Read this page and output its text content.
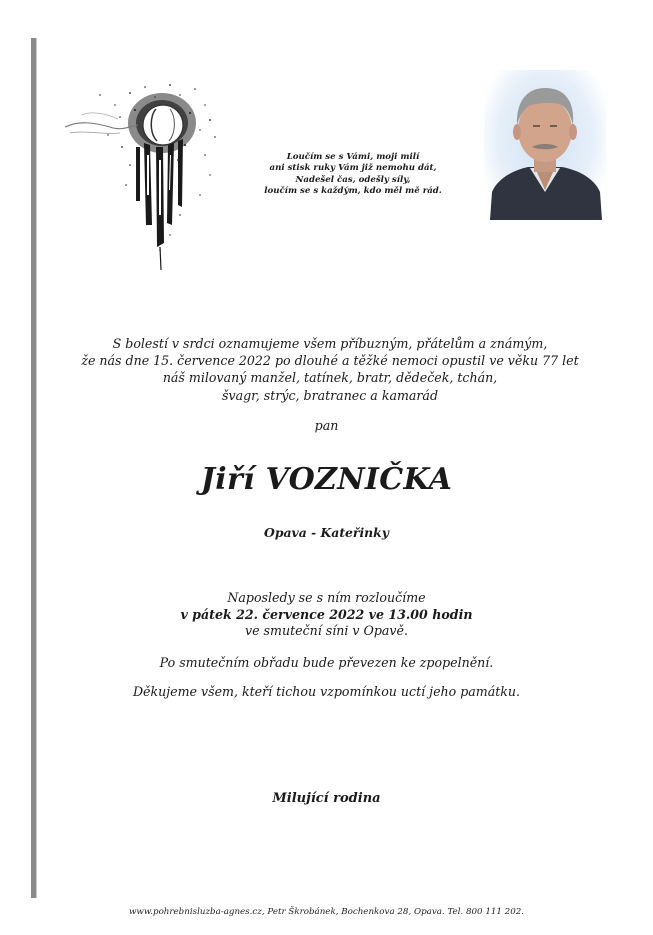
Loučím se s Vámi, moji milí
ani stisk ruky Vám již nemohu dát,
Nadešel čas, odešly síly,
loučím se s každým, kdo měl mě rád.
S bolestí v srdci oznamujeme všem příbuzným, přátelům a známým,
že nás dne 15. července 2022 po dlouhé a těžké nemoci opustil ve věku 77 let
náš milovaný manžel, tatínek, bratr, dědeček, tchán,
švagr, strýc, bratranec a kamarád
pan
Jiří VOZNIČKA
Opava - Kateřinky
Naposledy se s ním rozloučíme
v pátek 22. července 2022 ve 13.00 hodin
ve smuteční síni v Opavě.
Po smutečním obřadu bude převezen ke zpopelnění.
Děkujeme všem, kteří tichou vzpomínkou uctí jeho památku.
Milující rodina
www.pohrebnisluzba-agnes.cz, Petr Škrobánek, Bochenkova 28, Opava. Tel. 800 111 202.
